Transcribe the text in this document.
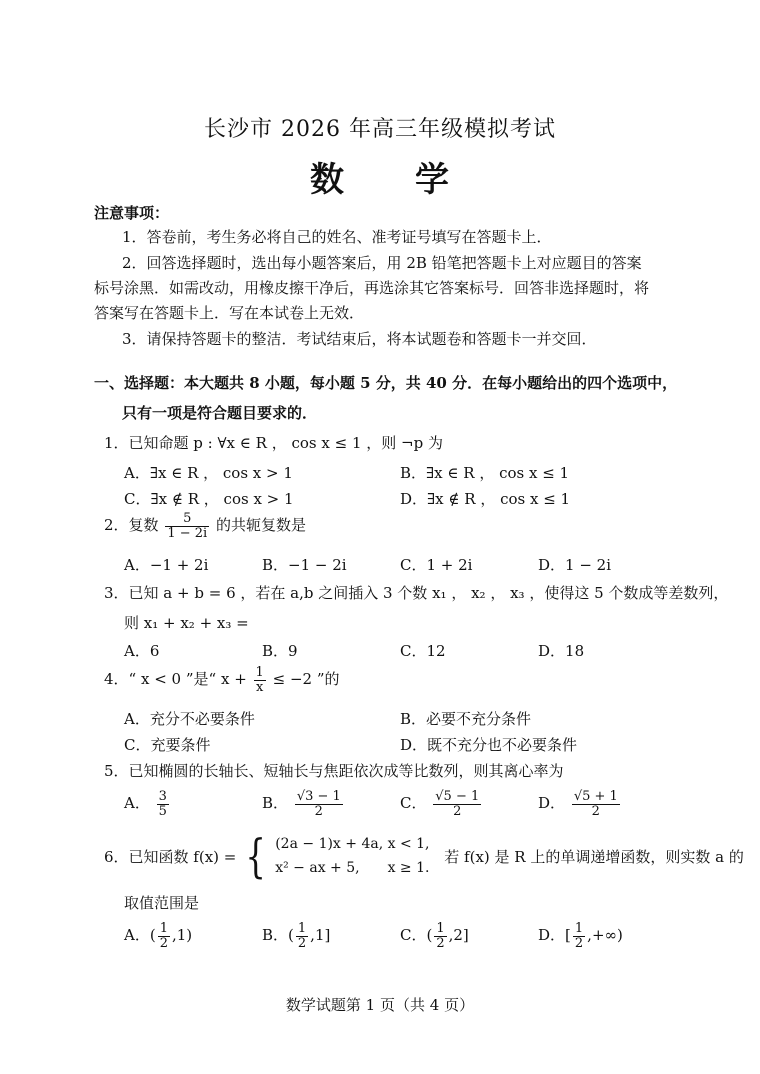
长沙市 2026 年高三年级模拟考试
数　　学
注意事项：
1．答卷前，考生务必将自己的姓名、准考证号填写在答题卡上．
2．回答选择题时，选出每小题答案后，用 2B 铅笔把答题卡上对应题目的答案
标号涂黑．如需改动，用橡皮擦干净后，再选涂其它答案标号．回答非选择题时，将
答案写在答题卡上．写在本试卷上无效．
3．请保持答题卡的整洁．考试结束后，将本试题卷和答题卡一并交回．
一、选择题：本大题共 8 小题，每小题 5 分，共 40 分．在每小题给出的四个选项中，
只有一项是符合题目要求的．
1．已知命题 p : ∀x ∈ R ， cos x ≤ 1 ，则 ¬p 为
A．∃x ∈ R ， cos x > 1	B．∃x ∈ R ， cos x ≤ 1
C．∃x ∉ R ， cos x > 1	D．∃x ∉ R ， cos x ≤ 1
2．复数 $\frac{5}{1 - 2i}$ 的共轭复数是
A．−1 + 2i	B．−1 − 2i	C．1 + 2i	D．1 − 2i
3．已知 a + b = 6 ，若在 a,b 之间插入 3 个数 x₁ ， x₂ ， x₃ ，使得这 5 个数成等差数列，
则 x₁ + x₂ + x₃ =
A．6	B．9	C．12	D．18
4．“ x < 0 ”是“ $x + \frac{1}{x} \le -2$ ”的
A．充分不必要条件	B．必要不充分条件
C．充要条件	D．既不充分也不必要条件
5．已知椭圆的长轴长、短轴长与焦距依次成等比数列，则其离心率为
A． $\frac{3}{5}$	B． $\frac{√3 - 1}{2}$	C． $\frac{√5 - 1}{2}$	D． $\frac{√5 + 1}{2}$
6．已知函数 f(x) = { (2a − 1)x + 4a, x < 1,
x² − ax + 5,　　x ≥ 1.
若 f(x) 是 R 上的单调递增函数，则实数 a 的
取值范围是
A．( $\frac{1}{2} ,1$)	B．( $\frac{1}{2} ,1$]	C．( $\frac{1}{2} ,2$]	D．[ $\frac{1}{2}$ ,+∞)
数学试题第 1 页（共 4 页）
